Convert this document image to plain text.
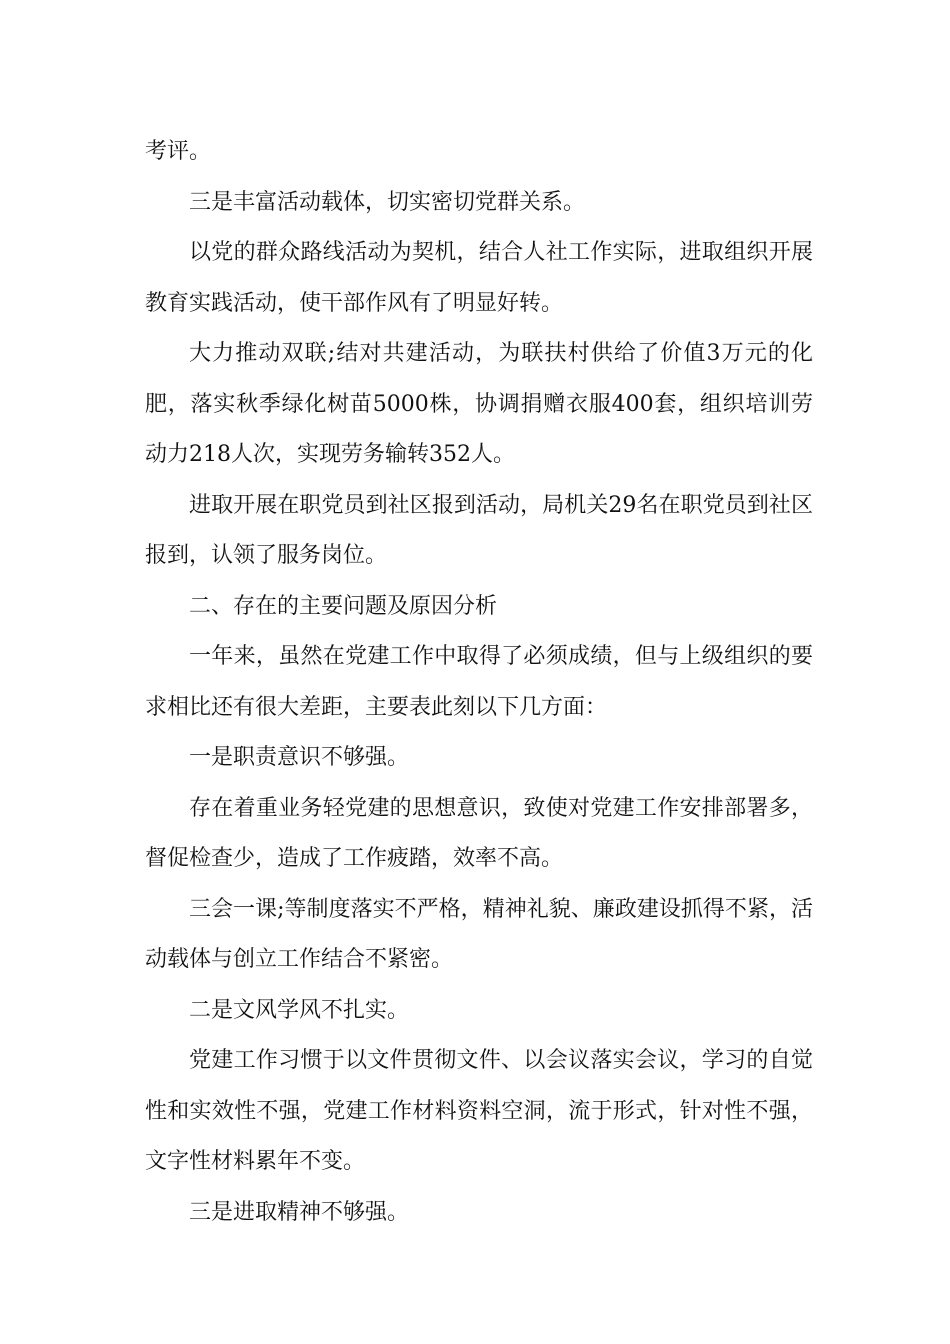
考评。

三是丰富活动载体，切实密切党群关系。

以党的群众路线活动为契机，结合人社工作实际，进取组织开展教育实践活动，使干部作风有了明显好转。

大力推动双联;结对共建活动，为联扶村供给了价值3万元的化肥，落实秋季绿化树苗5000株，协调捐赠衣服400套，组织培训劳动力218人次，实现劳务输转352人。

进取开展在职党员到社区报到活动，局机关29名在职党员到社区报到，认领了服务岗位。

二、存在的主要问题及原因分析

一年来，虽然在党建工作中取得了必须成绩，但与上级组织的要求相比还有很大差距，主要表此刻以下几方面：

一是职责意识不够强。

存在着重业务轻党建的思想意识，致使对党建工作安排部署多，督促检查少，造成了工作疲踏，效率不高。

三会一课;等制度落实不严格，精神礼貌、廉政建设抓得不紧，活动载体与创立工作结合不紧密。

二是文风学风不扎实。

党建工作习惯于以文件贯彻文件、以会议落实会议，学习的自觉性和实效性不强，党建工作材料资料空洞，流于形式，针对性不强，文字性材料累年不变。

三是进取精神不够强。
